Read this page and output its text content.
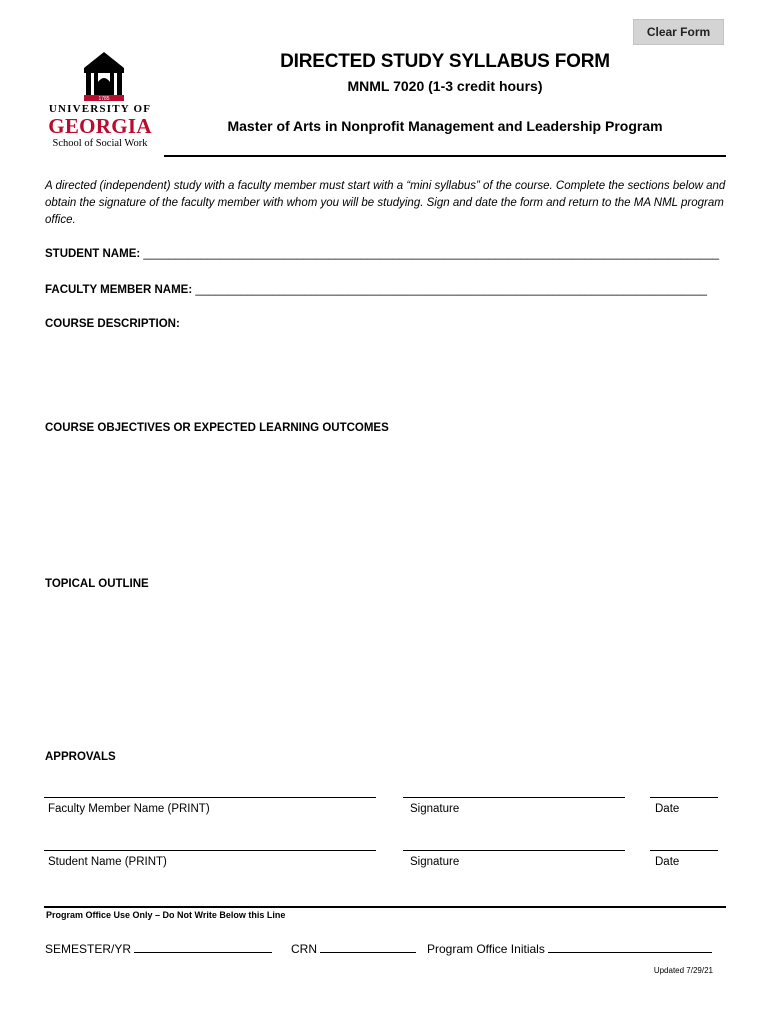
Clear Form
1785
UNIVERSITY OF
GEORGIA
School of Social Work
DIRECTED STUDY SYLLABUS FORM
MNML 7020 (1-3 credit hours)
Master of Arts in Nonprofit Management and Leadership Program
A directed (independent) study with a faculty member must start with a “mini syllabus” of the course. Complete the sections below and obtain the signature of the faculty member with whom you will be studying. Sign and date the form and return to the MA NML program office.
STUDENT NAME: __________________________________________________________________________________________
FACULTY MEMBER NAME: ________________________________________________________________________________
COURSE DESCRIPTION:
COURSE OBJECTIVES OR EXPECTED LEARNING OUTCOMES
TOPICAL OUTLINE
APPROVALS
Faculty Member Name (PRINT)	Signature	Date
Student Name (PRINT)	Signature	Date
Program Office Use Only – Do Not Write Below this Line
SEMESTER/YR	CRN	Program Office Initials
Updated 7/29/21
